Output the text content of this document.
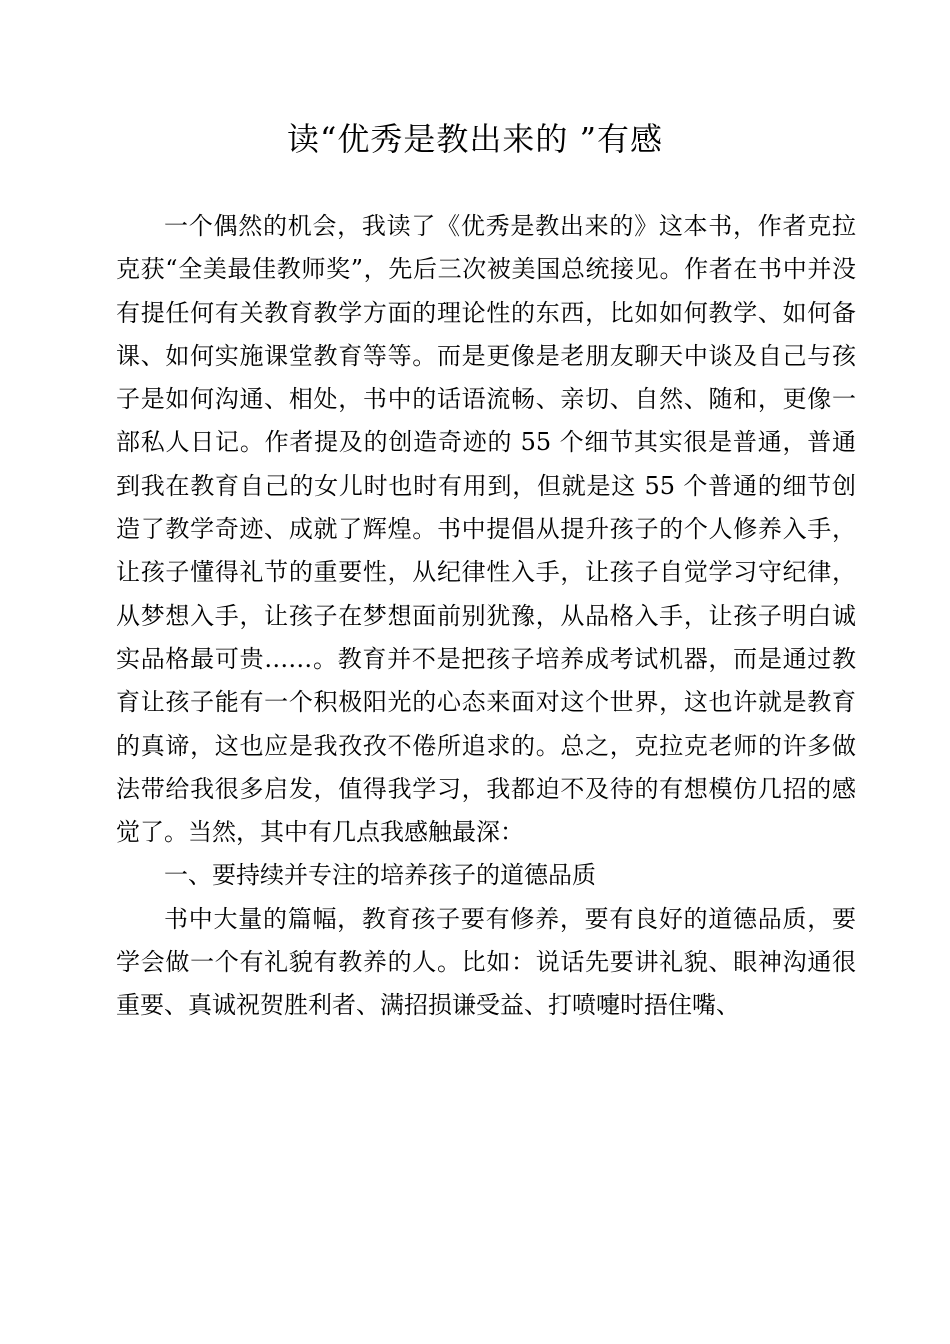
读“优秀是教出来的 ”有感

一个偶然的机会，我读了《优秀是教出来的》这本书，作者克拉克获“全美最佳教师奖”，先后三次被美国总统接见。作者在书中并没有提任何有关教育教学方面的理论性的东西，比如如何教学、如何备课、如何实施课堂教育等等。而是更像是老朋友聊天中谈及自己与孩子是如何沟通、相处，书中的话语流畅、亲切、自然、随和，更像一部私人日记。作者提及的创造奇迹的 55 个细节其实很是普通，普通到我在教育自己的女儿时也时有用到，但就是这 55 个普通的细节创造了教学奇迹、成就了辉煌。书中提倡从提升孩子的个人修养入手，让孩子懂得礼节的重要性，从纪律性入手，让孩子自觉学习守纪律，从梦想入手，让孩子在梦想面前别犹豫，从品格入手，让孩子明白诚实品格最可贵……。教育并不是把孩子培养成考试机器，而是通过教育让孩子能有一个积极阳光的心态来面对这个世界，这也许就是教育的真谛，这也应是我孜孜不倦所追求的。总之，克拉克老师的许多做法带给我很多启发，值得我学习，我都迫不及待的有想模仿几招的感觉了。当然，其中有几点我感触最深：

一、要持续并专注的培养孩子的道德品质

书中大量的篇幅，教育孩子要有修养，要有良好的道德品质，要学会做一个有礼貌有教养的人。比如：说话先要讲礼貌、眼神沟通很重要、真诚祝贺胜利者、满招损谦受益、打喷嚏时捂住嘴、
